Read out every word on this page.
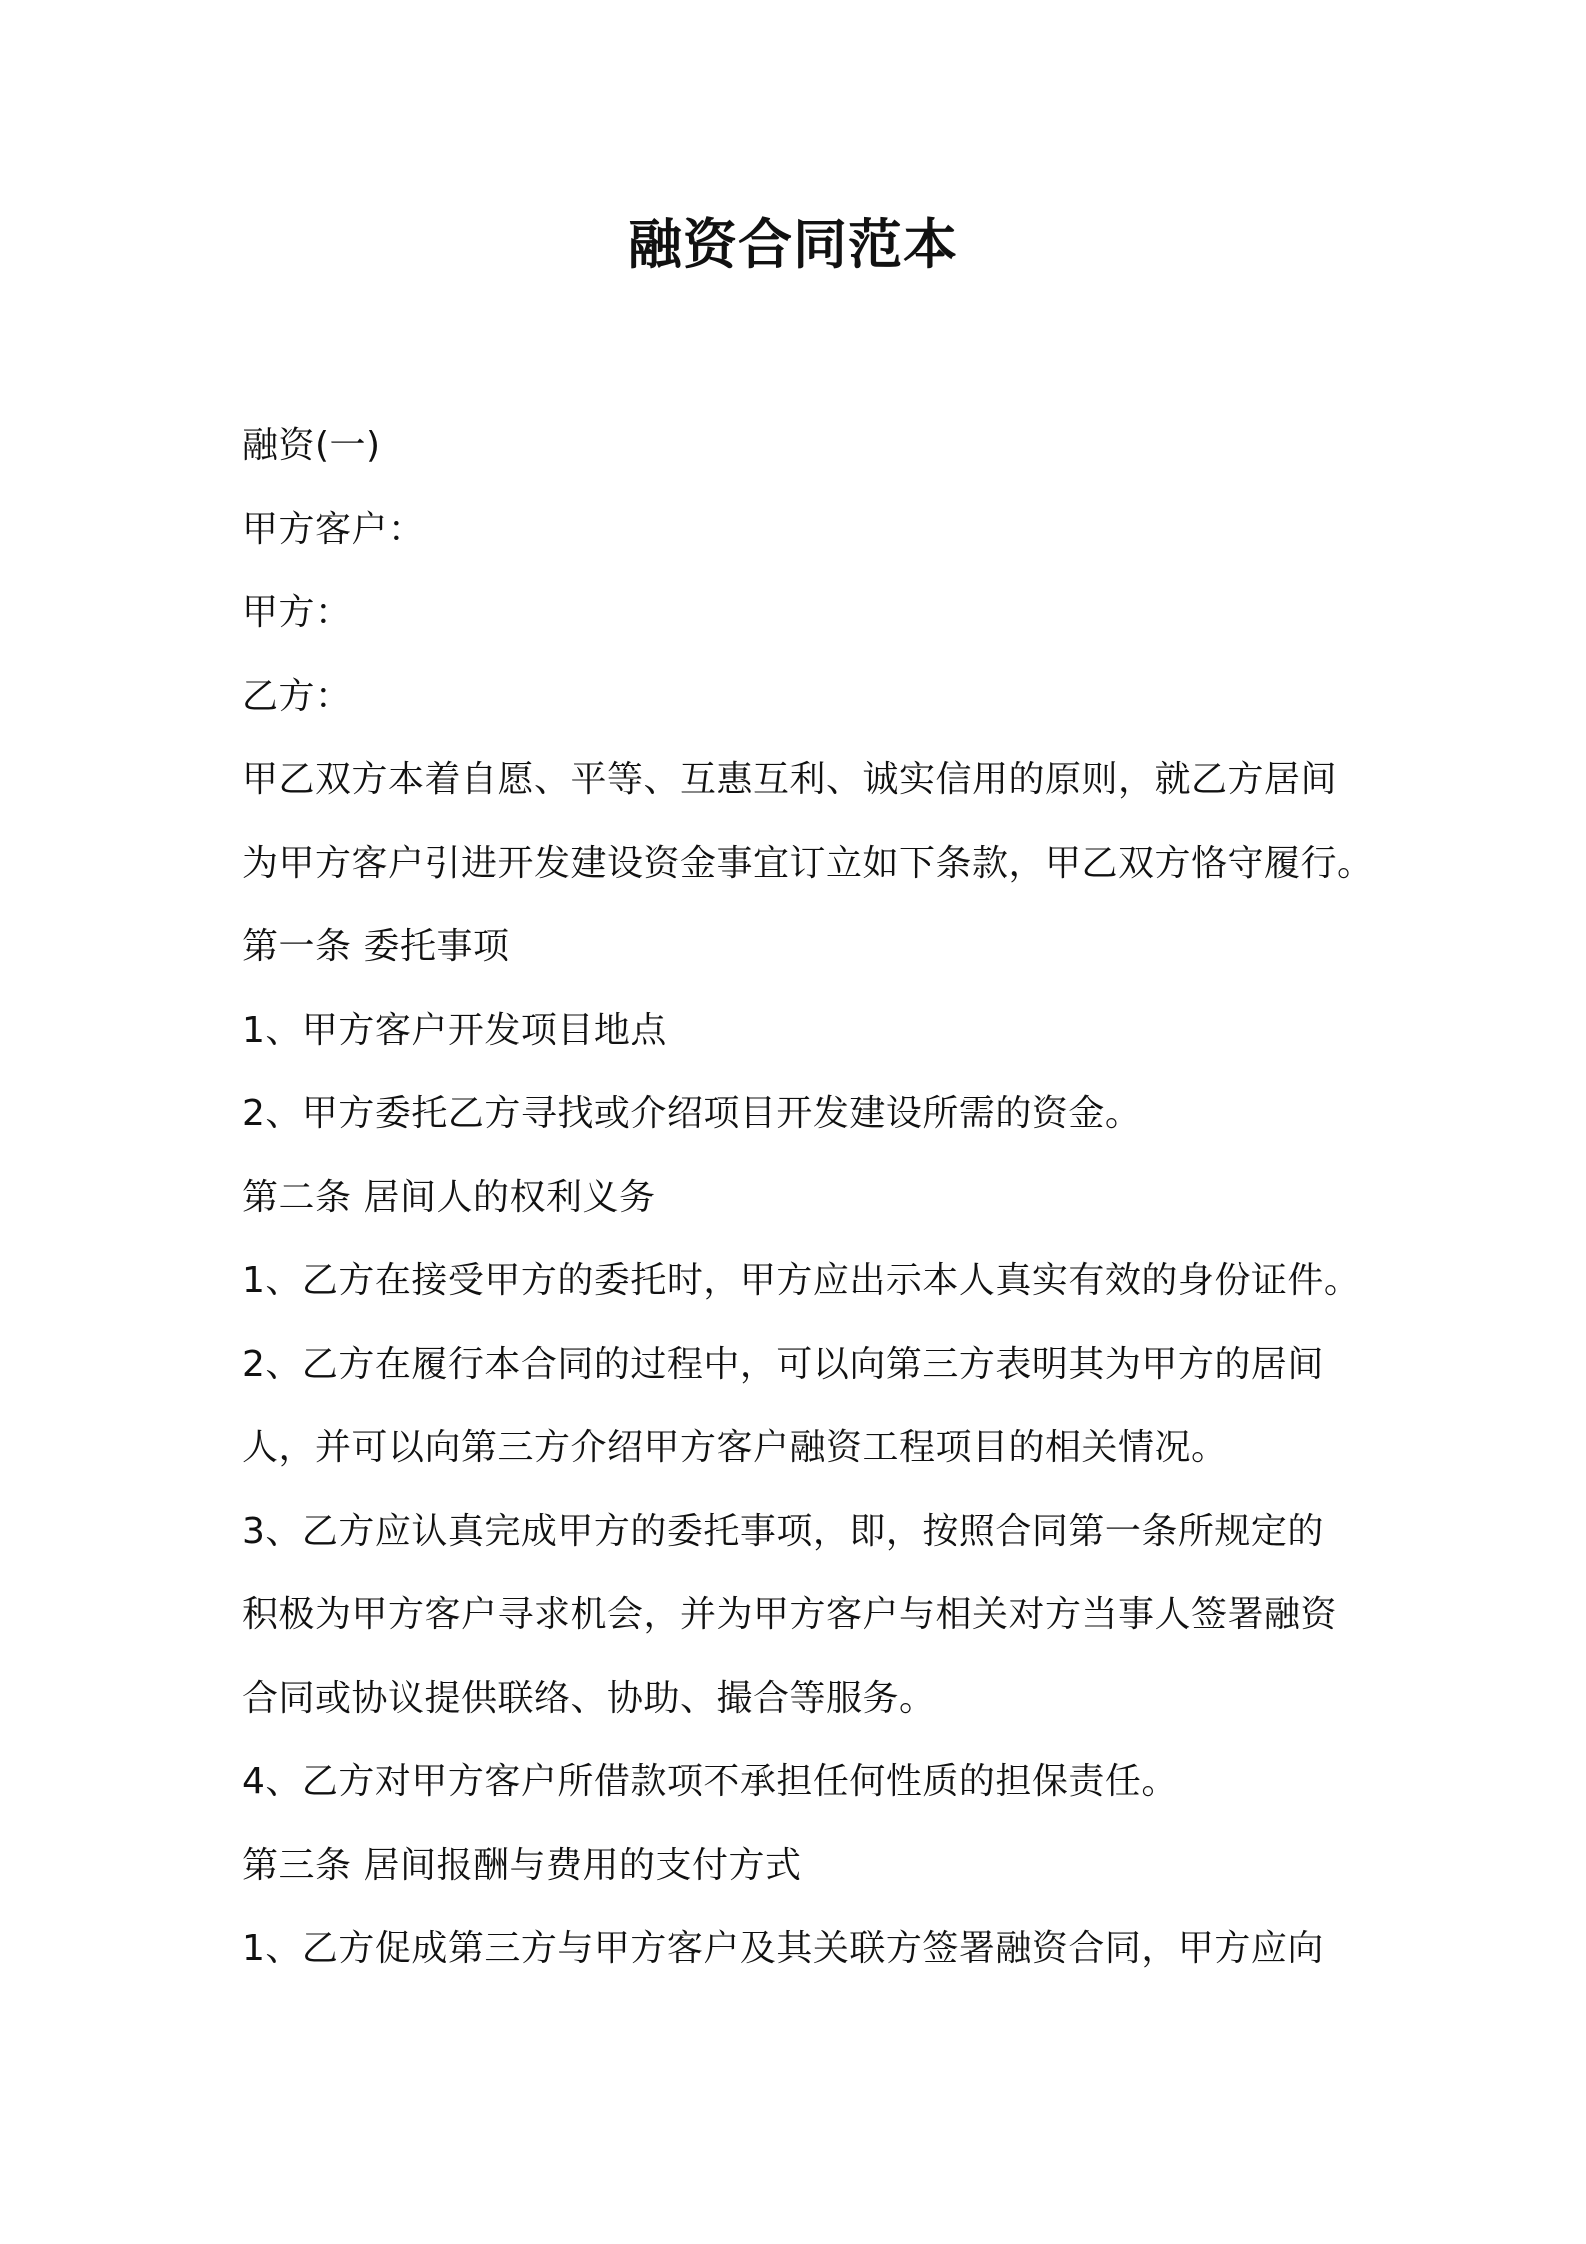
融资合同范本
融资(一)
甲方客户：
甲方：
乙方：
甲乙双方本着自愿、平等、互惠互利、诚实信用的原则，就乙方居间
为甲方客户引进开发建设资金事宜订立如下条款，甲乙双方恪守履行。
第一条 委托事项
1、甲方客户开发项目地点
2、甲方委托乙方寻找或介绍项目开发建设所需的资金。
第二条 居间人的权利义务
1、乙方在接受甲方的委托时，甲方应出示本人真实有效的身份证件。
2、乙方在履行本合同的过程中，可以向第三方表明其为甲方的居间
人，并可以向第三方介绍甲方客户融资工程项目的相关情况。
3、乙方应认真完成甲方的委托事项，即，按照合同第一条所规定的
积极为甲方客户寻求机会，并为甲方客户与相关对方当事人签署融资
合同或协议提供联络、协助、撮合等服务。
4、乙方对甲方客户所借款项不承担任何性质的担保责任。
第三条 居间报酬与费用的支付方式
1、乙方促成第三方与甲方客户及其关联方签署融资合同，甲方应向
